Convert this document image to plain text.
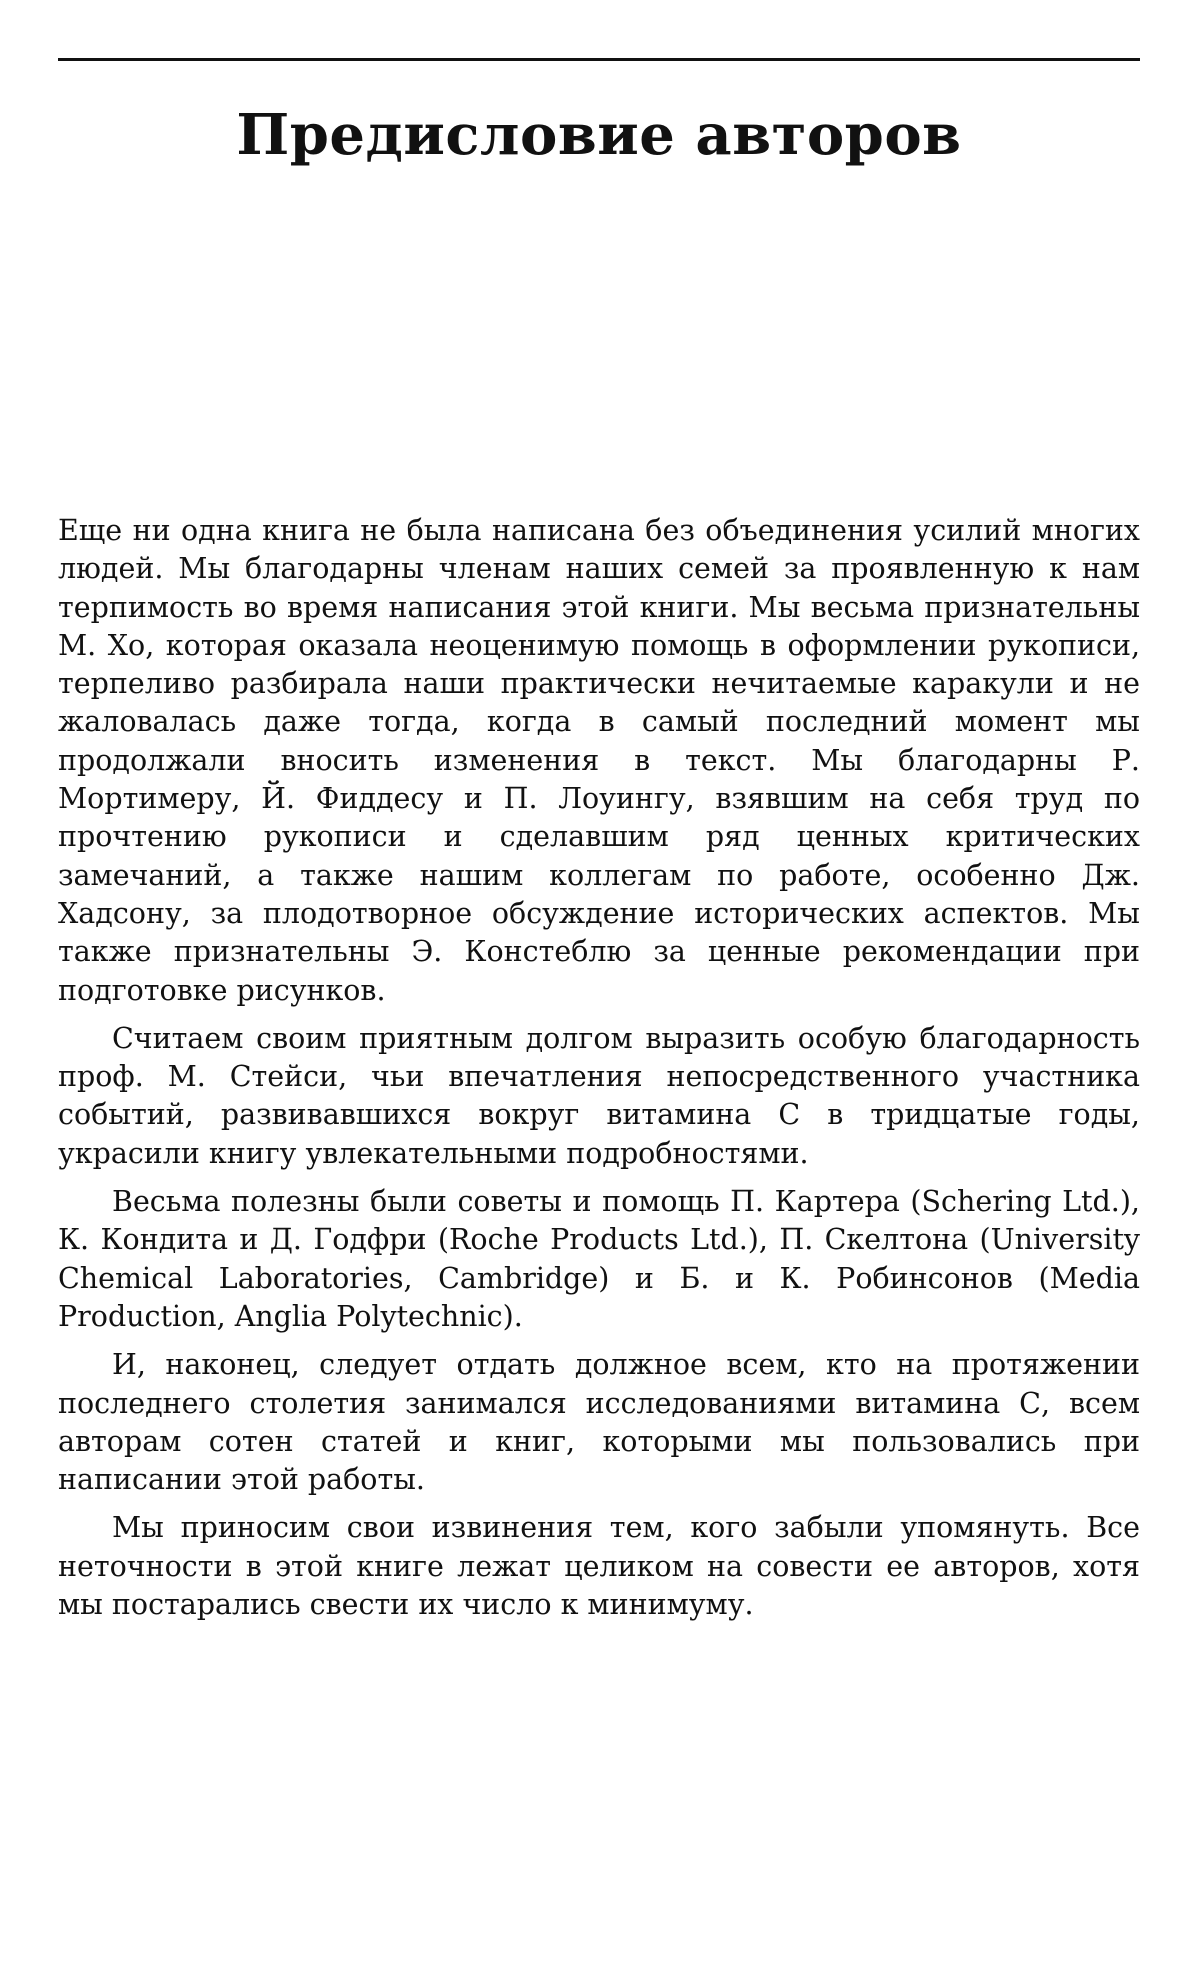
Предисловие авторов

Еще ни одна книга не была написана без объединения усилий многих людей. Мы благодарны членам наших семей за проявленную к нам терпимость во время написания этой книги. Мы весьма признательны М. Хо, которая оказала неоценимую помощь в оформлении рукописи, терпеливо разбирала наши практически нечитаемые каракули и не жаловалась даже тогда, когда в самый последний момент мы продолжали вносить изменения в текст. Мы благодарны Р. Мортимеру, Й. Фиддесу и П. Лоуингу, взявшим на себя труд по прочтению рукописи и сделавшим ряд ценных критических замечаний, а также нашим коллегам по работе, особенно Дж. Хадсону, за плодотворное обсуждение исторических аспектов. Мы также признательны Э. Констеблю за ценные рекомендации при подготовке рисунков.

Считаем своим приятным долгом выразить особую благодарность проф. М. Стейси, чьи впечатления непосредственного участника событий, развивавшихся вокруг витамина С в тридцатые годы, украсили книгу увлекательными подробностями.

Весьма полезны были советы и помощь П. Картера (Schering Ltd.), К. Кондита и Д. Годфри (Roche Products Ltd.), П. Скелтона (University Chemical Laboratories, Cambridge) и Б. и К. Робинсонов (Media Production, Anglia Polytechnic).

И, наконец, следует отдать должное всем, кто на протяжении последнего столетия занимался исследованиями витамина С, всем авторам сотен статей и книг, которыми мы пользовались при написании этой работы.

Мы приносим свои извинения тем, кого забыли упомянуть. Все неточности в этой книге лежат целиком на совести ее авторов, хотя мы постарались свести их число к минимуму.
